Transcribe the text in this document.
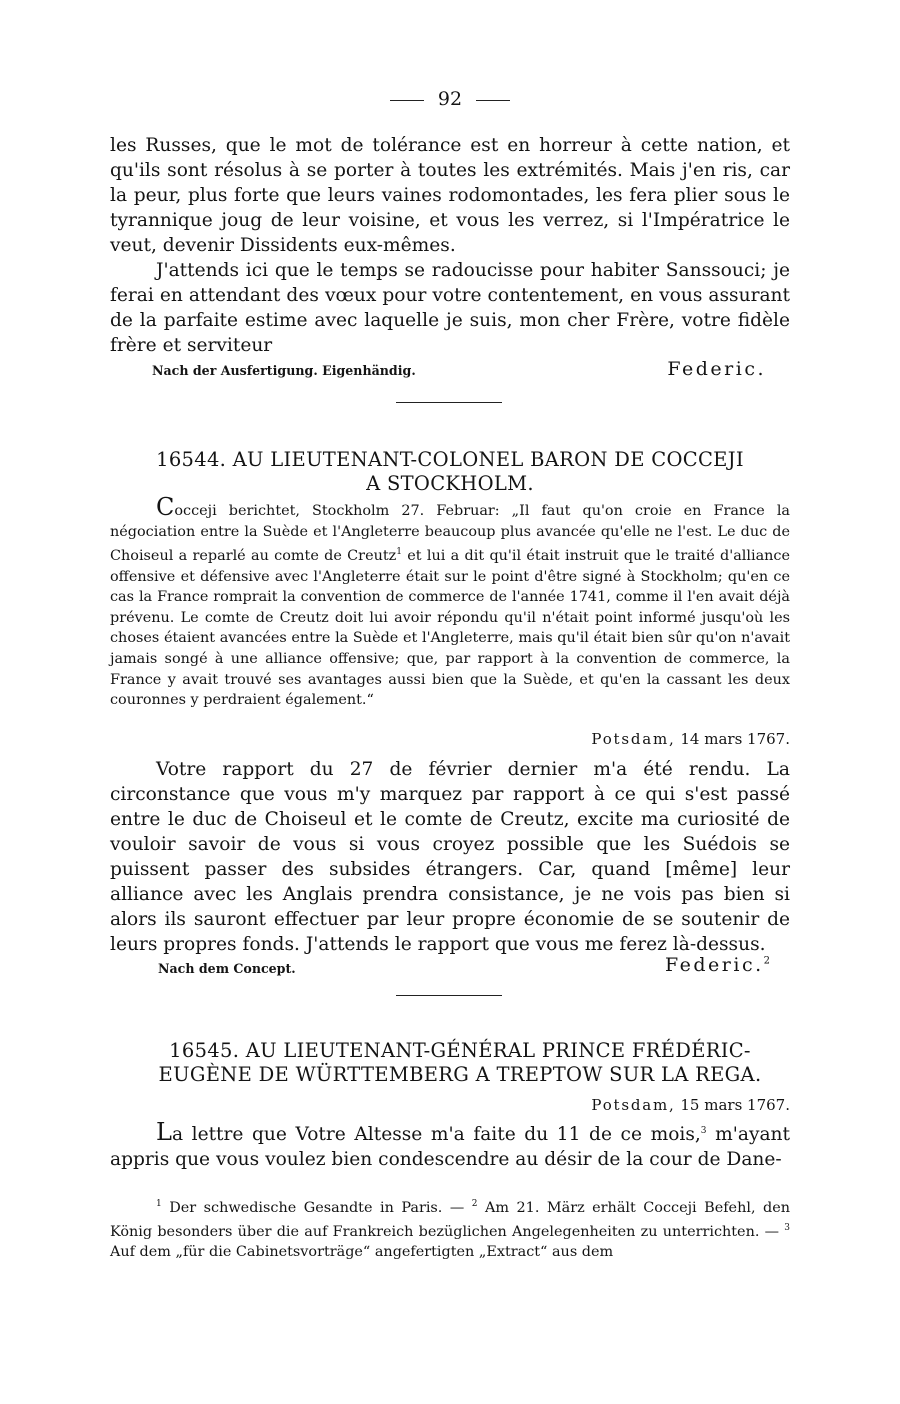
92
les Russes, que le mot de tolérance est en horreur à cette nation, et qu'ils sont résolus à se porter à toutes les extrémités. Mais j'en ris, car la peur, plus forte que leurs vaines rodomontades, les fera plier sous le tyrannique joug de leur voisine, et vous les verrez, si l'Impératrice le veut, devenir Dissidents eux-mêmes.
J'attends ici que le temps se radoucisse pour habiter Sanssouci; je ferai en attendant des vœux pour votre contentement, en vous assurant de la parfaite estime avec laquelle je suis, mon cher Frère, votre fidèle frère et serviteur
Nach der Ausfertigung. Eigenhändig.	Federic.
16544. AU LIEUTENANT-COLONEL BARON DE COCCEJI
A STOCKHOLM.
Cocceji berichtet, Stockholm 27. Februar: „Il faut qu'on croie en France la négociation entre la Suède et l'Angleterre beaucoup plus avancée qu'elle ne l'est. Le duc de Choiseul a reparlé au comte de Creutz$^1$ et lui a dit qu'il était instruit que le traité d'alliance offensive et défensive avec l'Angleterre était sur le point d'être signé à Stockholm; qu'en ce cas la France romprait la convention de commerce de l'année 1741, comme il l'en avait déjà prévenu. Le comte de Creutz doit lui avoir répondu qu'il n'était point informé jusqu'où les choses étaient avancées entre la Suède et l'Angleterre, mais qu'il était bien sûr qu'on n'avait jamais songé à une alliance offensive; que, par rapport à la convention de commerce, la France y avait trouvé ses avantages aussi bien que la Suède, et qu'en la cassant les deux couronnes y perdraient également.“
Potsdam, 14 mars 1767.
Votre rapport du 27 de février dernier m'a été rendu. La circonstance que vous m'y marquez par rapport à ce qui s'est passé entre le duc de Choiseul et le comte de Creutz, excite ma curiosité de vouloir savoir de vous si vous croyez possible que les Suédois se puissent passer des subsides étrangers. Car, quand [même] leur alliance avec les Anglais prendra consistance, je ne vois pas bien si alors ils sauront effectuer par leur propre économie de se soutenir de leurs propres fonds. J'attends le rapport que vous me ferez là-dessus.
Nach dem Concept.	Federic.$^2$
16545. AU LIEUTENANT-GÉNÉRAL PRINCE FRÉDÉRIC-
EUGÈNE DE WÜRTTEMBERG A TREPTOW SUR LA REGA.
Potsdam, 15 mars 1767.
La lettre que Votre Altesse m'a faite du 11 de ce mois,$^3$ m'ayant appris que vous voulez bien condescendre au désir de la cour de Dane-
$^1$ Der schwedische Gesandte in Paris. — $^2$ Am 21. März erhält Cocceji Befehl, den König besonders über die auf Frankreich bezüglichen Angelegenheiten zu unterrichten. — $^3$ Auf dem „für die Cabinetsvorträge“ angefertigten „Extract“ aus dem
